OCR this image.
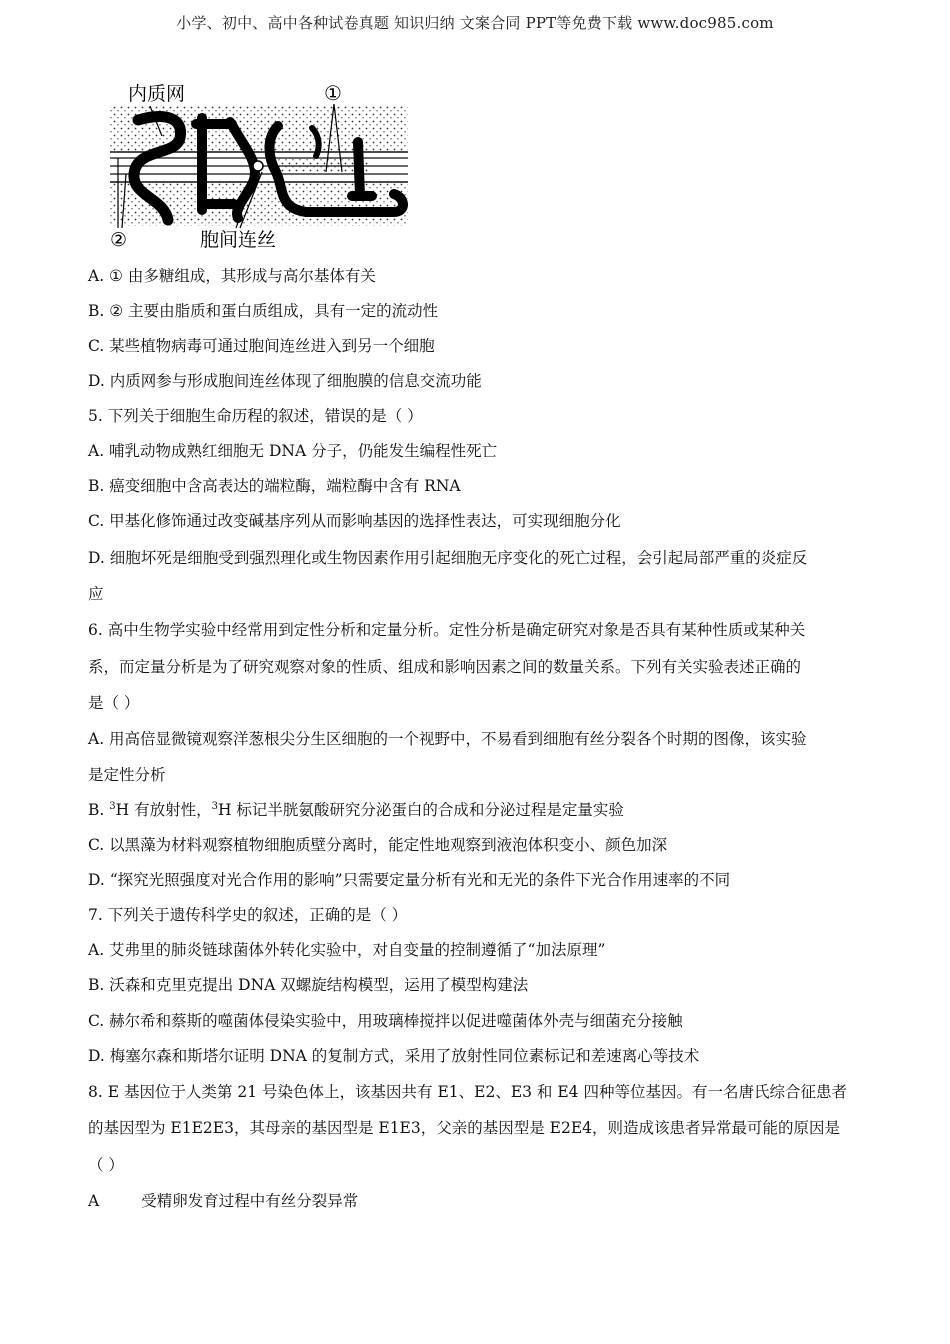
小学、初中、高中各种试卷真题 知识归纳 文案合同 PPT等免费下载 www.doc985.com
内质网	①
②	胞间连丝
A. ① 由多糖组成，其形成与高尔基体有关
B. ② 主要由脂质和蛋白质组成，具有一定的流动性
C. 某些植物病毒可通过胞间连丝进入到另一个细胞
D. 内质网参与形成胞间连丝体现了细胞膜的信息交流功能
5. 下列关于细胞生命历程的叙述，错误的是（ ）
A. 哺乳动物成熟红细胞无 DNA 分子，仍能发生编程性死亡
B. 癌变细胞中含高表达的端粒酶，端粒酶中含有 RNA
C. 甲基化修饰通过改变碱基序列从而影响基因的选择性表达，可实现细胞分化
D. 细胞坏死是细胞受到强烈理化或生物因素作用引起细胞无序变化的死亡过程，会引起局部严重的炎症反
应
6. 高中生物学实验中经常用到定性分析和定量分析。定性分析是确定研究对象是否具有某种性质或某种关
系，而定量分析是为了研究观察对象的性质、组成和影响因素之间的数量关系。下列有关实验表述正确的
是（ ）
A. 用高倍显微镜观察洋葱根尖分生区细胞的一个视野中，不易看到细胞有丝分裂各个时期的图像，该实验
是定性分析
B. $^3$H 有放射性，$^3$H 标记半胱氨酸研究分泌蛋白的合成和分泌过程是定量实验
C. 以黑藻为材料观察植物细胞质壁分离时，能定性地观察到液泡体积变小、颜色加深
D. “探究光照强度对光合作用的影响”只需要定量分析有光和无光的条件下光合作用速率的不同
7. 下列关于遗传科学史的叙述，正确的是（ ）
A. 艾弗里的肺炎链球菌体外转化实验中，对自变量的控制遵循了“加法原理”
B. 沃森和克里克提出 DNA 双螺旋结构模型，运用了模型构建法
C. 赫尔希和蔡斯的噬菌体侵染实验中，用玻璃棒搅拌以促进噬菌体外壳与细菌充分接触
D. 梅塞尔森和斯塔尔证明 DNA 的复制方式，采用了放射性同位素标记和差速离心等技术
8. E 基因位于人类第 21 号染色体上，该基因共有 E1、E2、E3 和 E4 四种等位基因。有一名唐氏综合征患者
的基因型为 E1E2E3，其母亲的基因型是 E1E3，父亲的基因型是 E2E4，则造成该患者异常最可能的原因是
（ ）
A	受精卵发育过程中有丝分裂异常
